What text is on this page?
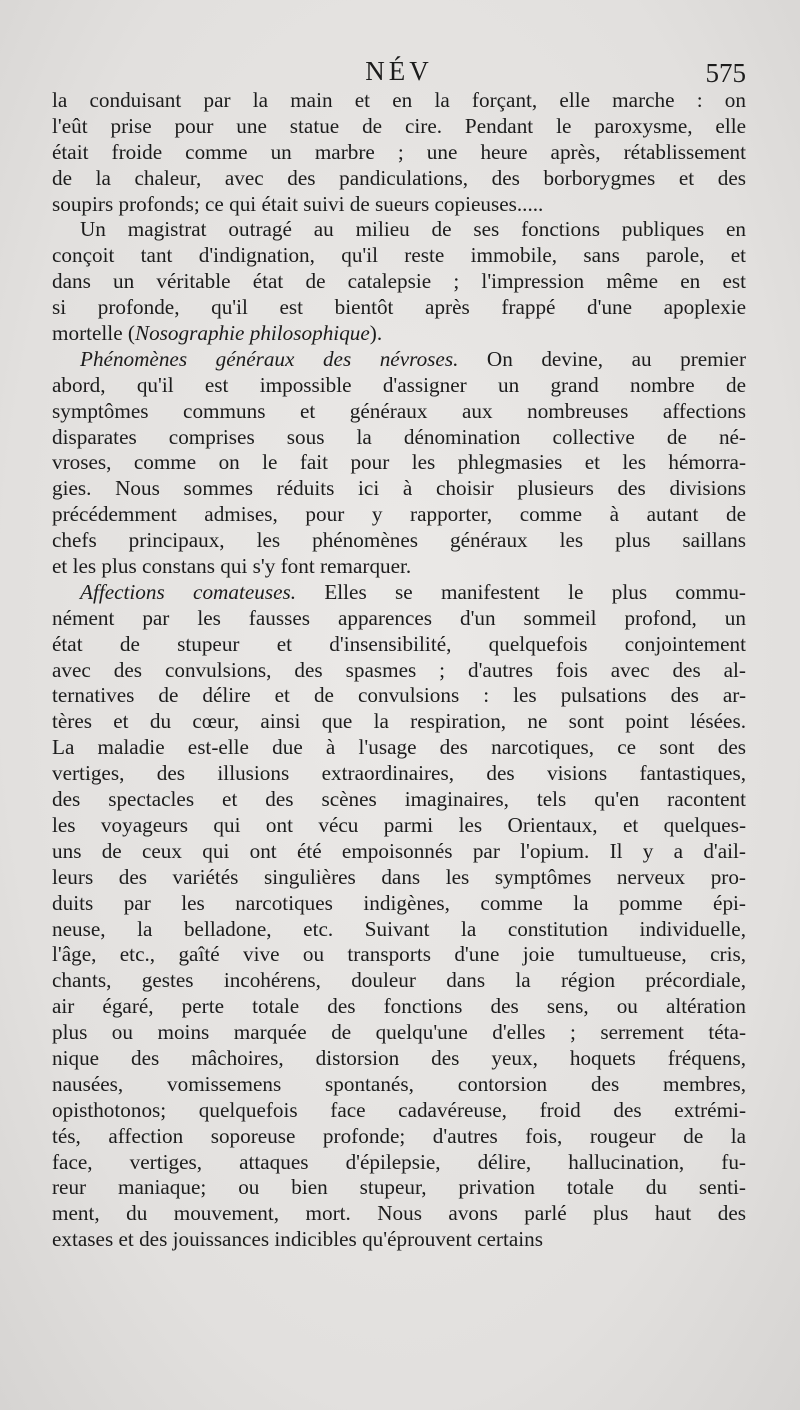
NÉV	575
la conduisant par la main et en la forçant, elle marche : on
l'eût prise pour une statue de cire. Pendant le paroxysme, elle
était froide comme un marbre ; une heure après, rétablissement
de la chaleur, avec des pandiculations, des borborygmes et des
soupirs profonds; ce qui était suivi de sueurs copieuses.....
Un magistrat outragé au milieu de ses fonctions publiques en
conçoit tant d'indignation, qu'il reste immobile, sans parole, et
dans un véritable état de catalepsie ; l'impression même en est
si profonde, qu'il est bientôt après frappé d'une apoplexie
mortelle (Nosographie philosophique).
Phénomènes généraux des névroses. On devine, au premier
abord, qu'il est impossible d'assigner un grand nombre de
symptômes communs et généraux aux nombreuses affections
disparates comprises sous la dénomination collective de né-
vroses, comme on le fait pour les phlegmasies et les hémorra-
gies. Nous sommes réduits ici à choisir plusieurs des divisions
précédemment admises, pour y rapporter, comme à autant de
chefs principaux, les phénomènes généraux les plus saillans
et les plus constans qui s'y font remarquer.
Affections comateuses. Elles se manifestent le plus commu-
nément par les fausses apparences d'un sommeil profond, un
état de stupeur et d'insensibilité, quelquefois conjointement
avec des convulsions, des spasmes ; d'autres fois avec des al-
ternatives de délire et de convulsions : les pulsations des ar-
tères et du cœur, ainsi que la respiration, ne sont point lésées.
La maladie est-elle due à l'usage des narcotiques, ce sont des
vertiges, des illusions extraordinaires, des visions fantastiques,
des spectacles et des scènes imaginaires, tels qu'en racontent
les voyageurs qui ont vécu parmi les Orientaux, et quelques-
uns de ceux qui ont été empoisonnés par l'opium. Il y a d'ail-
leurs des variétés singulières dans les symptômes nerveux pro-
duits par les narcotiques indigènes, comme la pomme épi-
neuse, la belladone, etc. Suivant la constitution individuelle,
l'âge, etc., gaîté vive ou transports d'une joie tumultueuse, cris,
chants, gestes incohérens, douleur dans la région précordiale,
air égaré, perte totale des fonctions des sens, ou altération
plus ou moins marquée de quelqu'une d'elles ; serrement téta-
nique des mâchoires, distorsion des yeux, hoquets fréquens,
nausées, vomissemens spontanés, contorsion des membres,
opisthotonos; quelquefois face cadavéreuse, froid des extrémi-
tés, affection soporeuse profonde; d'autres fois, rougeur de la
face, vertiges, attaques d'épilepsie, délire, hallucination, fu-
reur maniaque; ou bien stupeur, privation totale du senti-
ment, du mouvement, mort. Nous avons parlé plus haut des
extases et des jouissances indicibles qu'éprouvent certains
